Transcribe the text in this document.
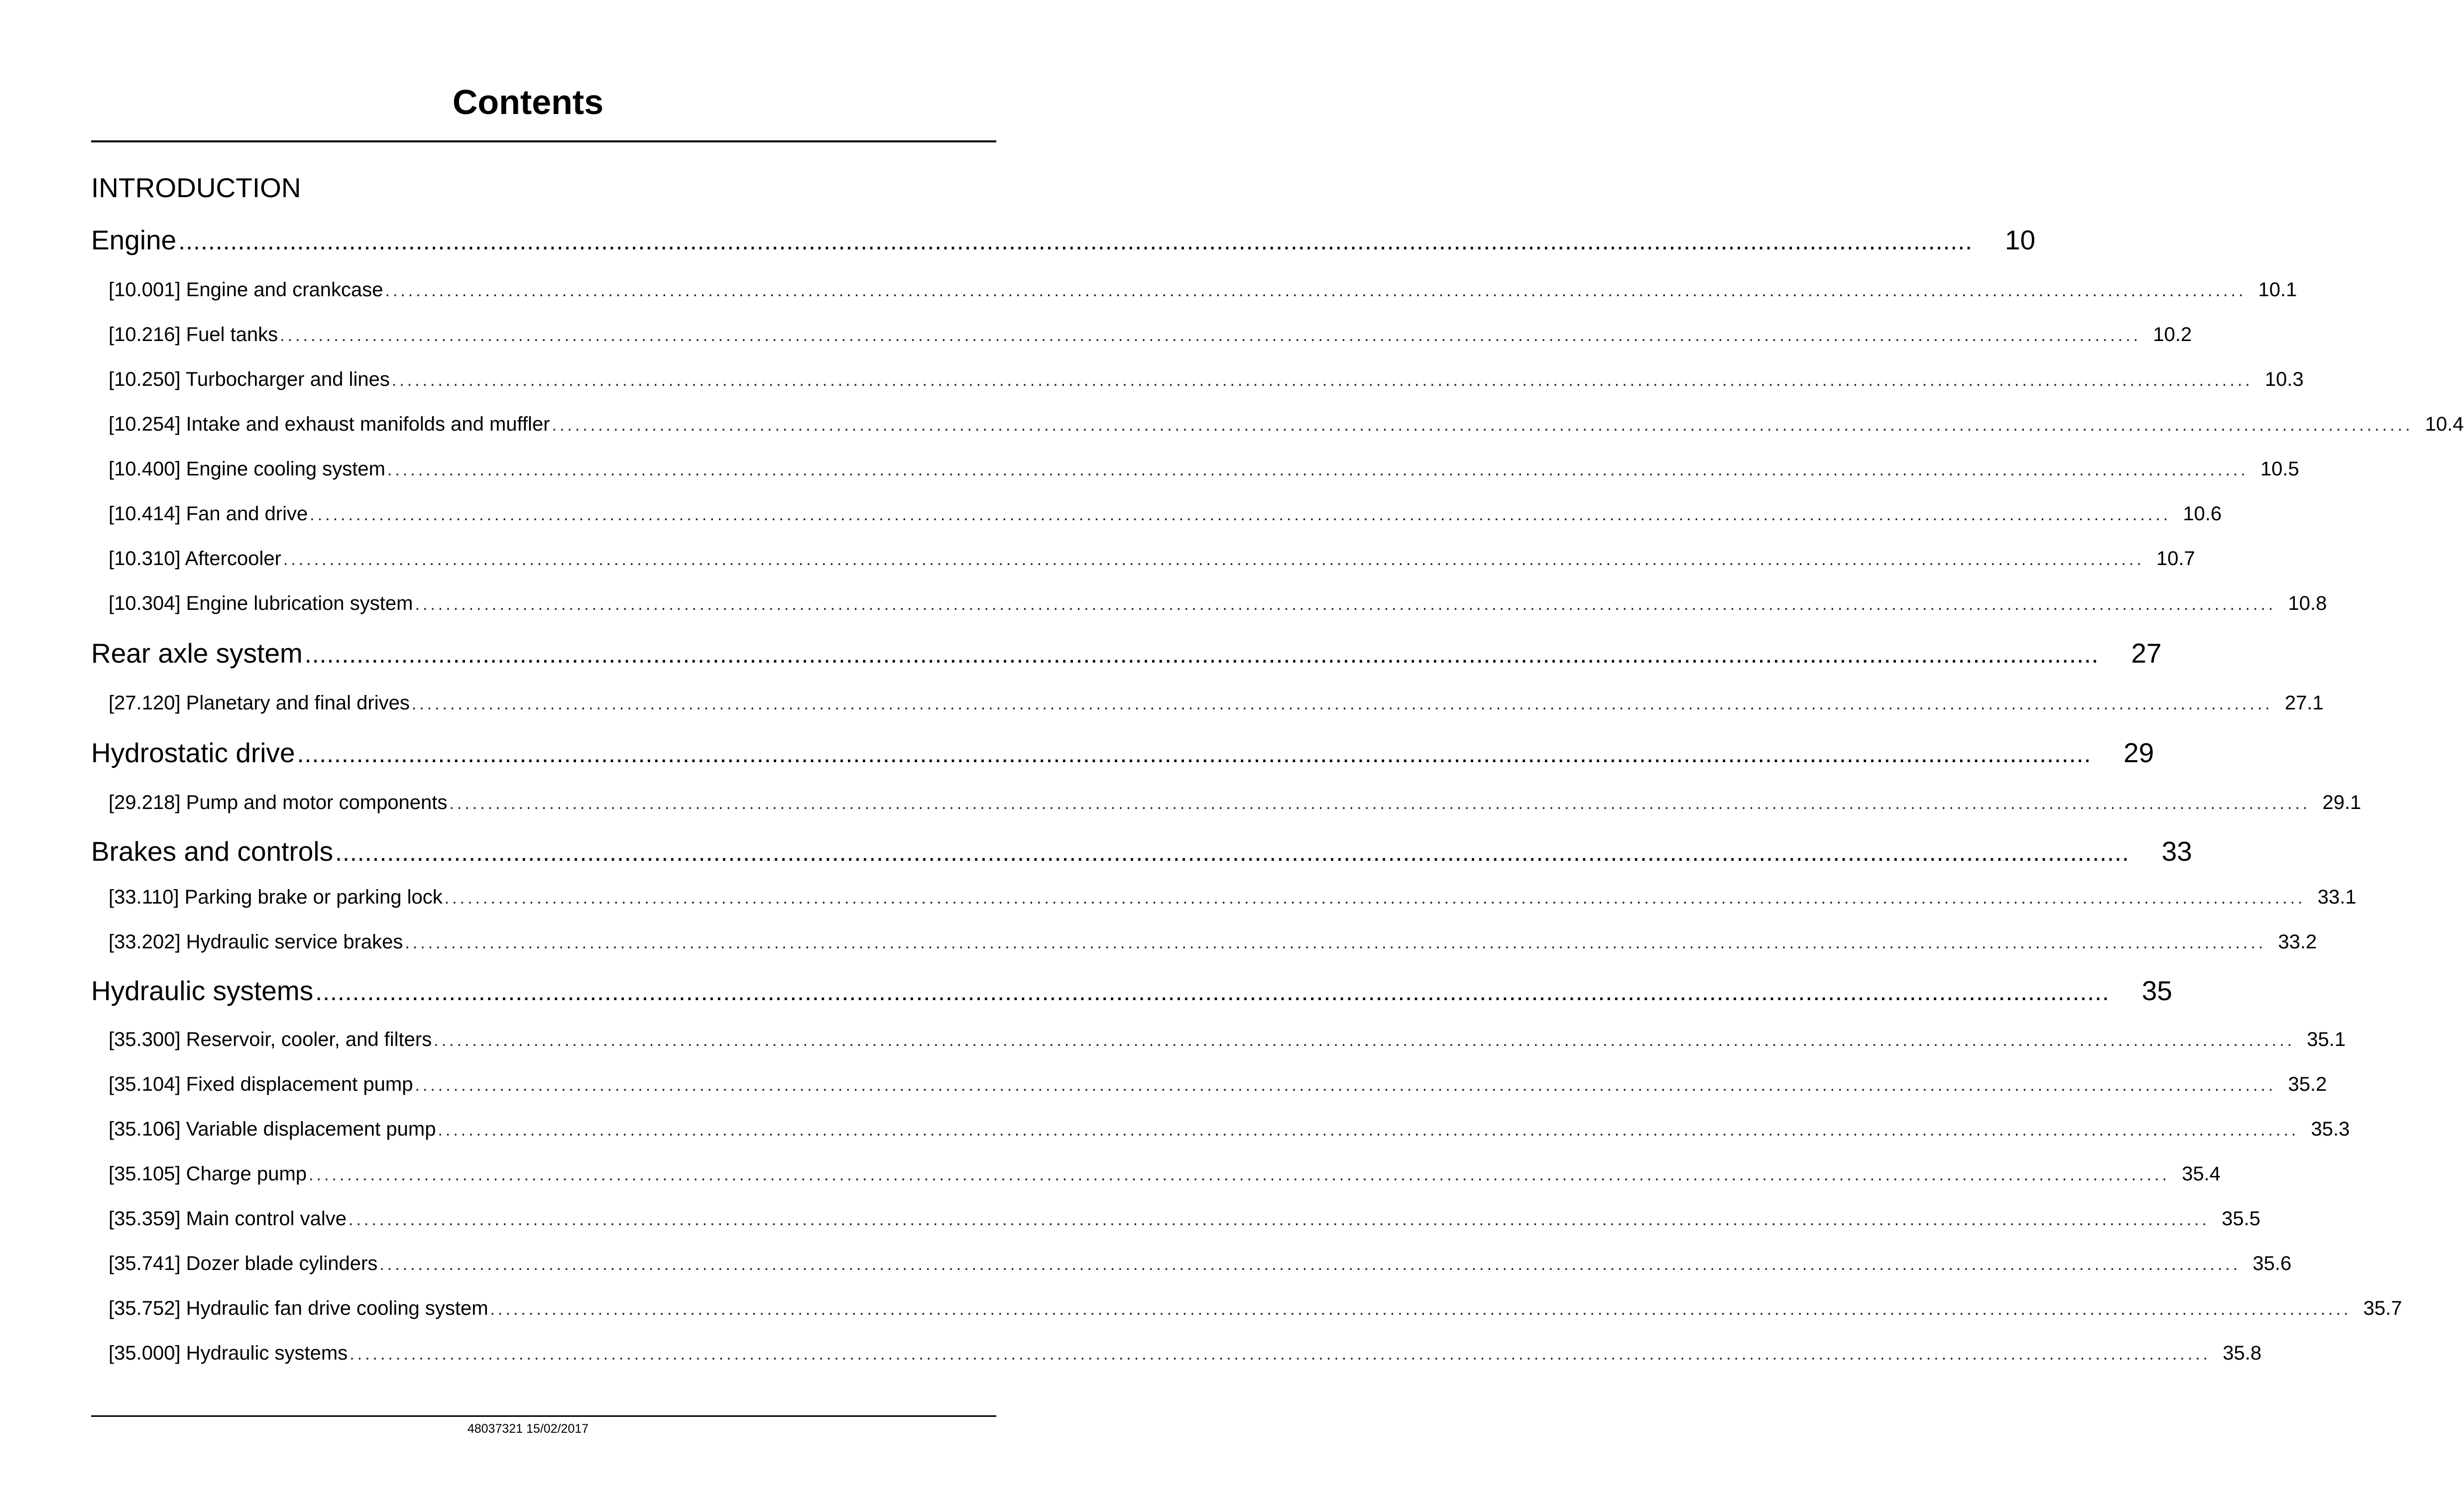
Contents
INTRODUCTION
Engine ..................................................................................................................................................................................................................................................	10
[10.001] Engine and crankcase .................................................................................................................................................................................................................................................. 10.1
[10.216] Fuel tanks .................................................................................................................................................................................................................................................. 10.2
[10.250] Turbocharger and lines .................................................................................................................................................................................................................................................. 10.3
[10.254] Intake and exhaust manifolds and muffler .................................................................................................................................................................................................................................................. 10.4
[10.400] Engine cooling system .................................................................................................................................................................................................................................................. 10.5
[10.414] Fan and drive .................................................................................................................................................................................................................................................. 10.6
[10.310] Aftercooler .................................................................................................................................................................................................................................................. 10.7
[10.304] Engine lubrication system .................................................................................................................................................................................................................................................. 10.8
Rear axle system ..................................................................................................................................................................................................................................................	27
[27.120] Planetary and final drives .................................................................................................................................................................................................................................................. 27.1
Hydrostatic drive ..................................................................................................................................................................................................................................................	29
[29.218] Pump and motor components .................................................................................................................................................................................................................................................. 29.1
Brakes and controls ..................................................................................................................................................................................................................................................	33
[33.110] Parking brake or parking lock .................................................................................................................................................................................................................................................. 33.1
[33.202] Hydraulic service brakes .................................................................................................................................................................................................................................................. 33.2
Hydraulic systems ..................................................................................................................................................................................................................................................	35
[35.300] Reservoir, cooler, and filters .................................................................................................................................................................................................................................................. 35.1
[35.104] Fixed displacement pump .................................................................................................................................................................................................................................................. 35.2
[35.106] Variable displacement pump .................................................................................................................................................................................................................................................. 35.3
[35.105] Charge pump .................................................................................................................................................................................................................................................. 35.4
[35.359] Main control valve .................................................................................................................................................................................................................................................. 35.5
[35.741] Dozer blade cylinders .................................................................................................................................................................................................................................................. 35.6
[35.752] Hydraulic fan drive cooling system .................................................................................................................................................................................................................................................. 35.7
[35.000] Hydraulic systems .................................................................................................................................................................................................................................................. 35.8
48037321 15/02/2017
